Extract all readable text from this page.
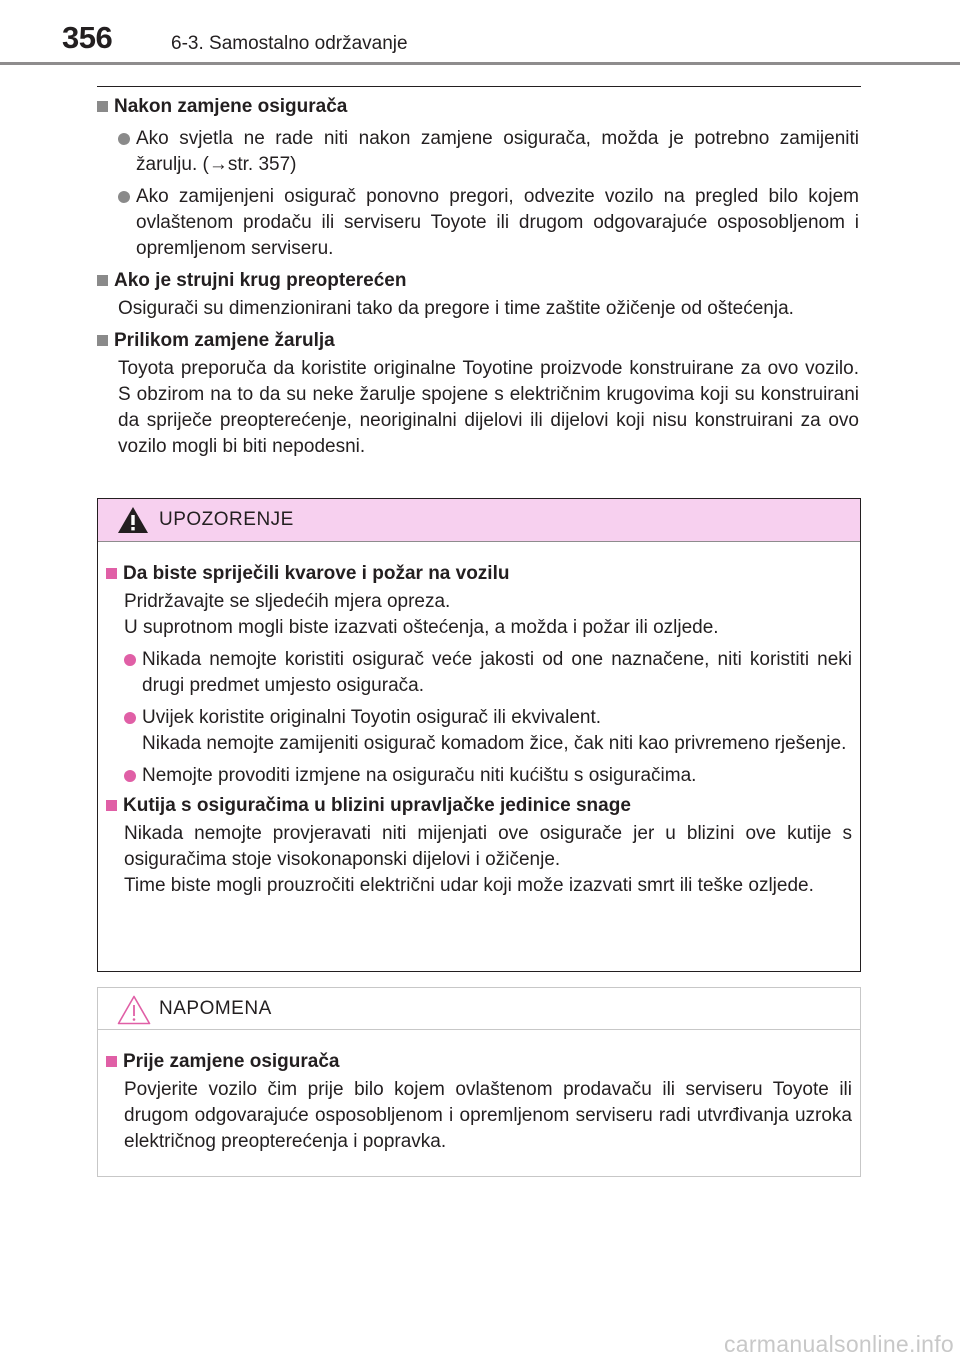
356	6-3. Samostalno održavanje
Nakon zamjene osigurača
Ako svjetla ne rade niti nakon zamjene osigurača, možda je potrebno zamijeniti žarulju. (→str. 357)
Ako zamijenjeni osigurač ponovno pregori, odvezite vozilo na pregled bilo kojem ovlaštenom prodaču ili serviseru Toyote ili drugom odgovarajuće osposobljenom i opremljenom serviseru.
Ako je strujni krug preopterećen
Osigurači su dimenzionirani tako da pregore i time zaštite ožičenje od oštećenja.
Prilikom zamjene žarulja
Toyota preporuča da koristite originalne Toyotine proizvode konstruirane za ovo vozilo. S obzirom na to da su neke žarulje spojene s električnim krugovima koji su konstruirani da spriječe preopterećenje, neoriginalni dijelovi ili dijelovi koji nisu konstruirani za ovo vozilo mogli bi biti nepodesni.
UPOZORENJE
Da biste spriječili kvarove i požar na vozilu
Pridržavajte se sljedećih mjera opreza.
U suprotnom mogli biste izazvati oštećenja, a možda i požar ili ozljede.
Nikada nemojte koristiti osigurač veće jakosti od one naznačene, niti koristiti neki drugi predmet umjesto osigurača.
Uvijek koristite originalni Toyotin osigurač ili ekvivalent.
Nikada nemojte zamijeniti osigurač komadom žice, čak niti kao privremeno rješenje.
Nemojte provoditi izmjene na osiguraču niti kućištu s osiguračima.
Kutija s osiguračima u blizini upravljačke jedinice snage
Nikada nemojte provjeravati niti mijenjati ove osigurače jer u blizini ove kutije s osiguračima stoje visokonaponski dijelovi i ožičenje.
Time biste mogli prouzročiti električni udar koji može izazvati smrt ili teške ozljede.
NAPOMENA
Prije zamjene osigurača
Povjerite vozilo čim prije bilo kojem ovlaštenom prodavaču ili serviseru Toyote ili drugom odgovarajuće osposobljenom i opremljenom serviseru radi utvrđivanja uzroka električnog preopterećenja i popravka.
carmanualsonline.info
